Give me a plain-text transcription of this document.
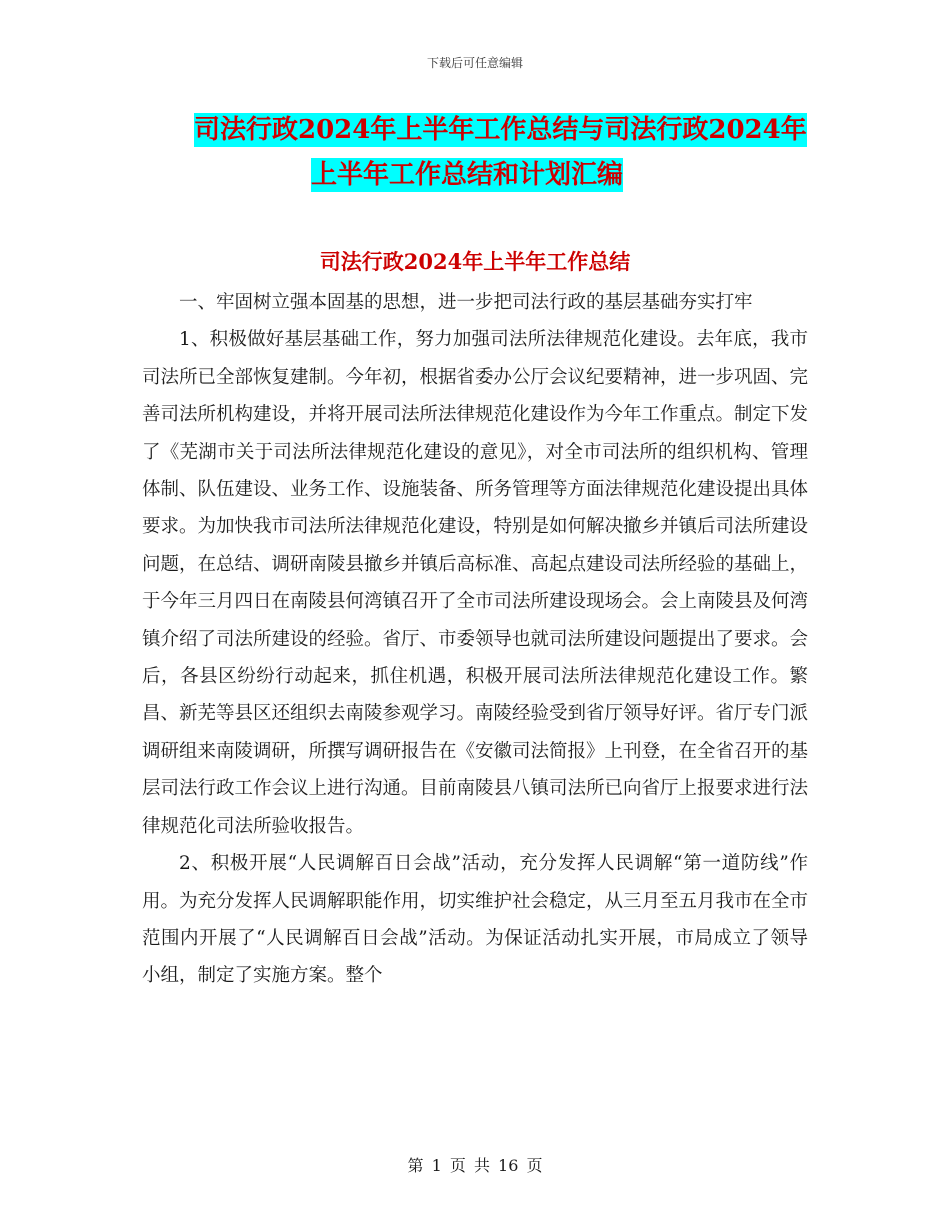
下载后可任意编辑
司法行政2024年上半年工作总结与司法行政2024年
上半年工作总结和计划汇编
司法行政2024年上半年工作总结

一、牢固树立强本固基的思想，进一步把司法行政的基层基础夯实打牢

1、积极做好基层基础工作，努力加强司法所法律规范化建设。去年底，我市司法所已全部恢复建制。今年初，根据省委办公厅会议纪要精神，进一步巩固、完善司法所机构建设，并将开展司法所法律规范化建设作为今年工作重点。制定下发了《芜湖市关于司法所法律规范化建设的意见》，对全市司法所的组织机构、管理体制、队伍建设、业务工作、设施装备、所务管理等方面法律规范化建设提出具体要求。为加快我市司法所法律规范化建设，特别是如何解决撤乡并镇后司法所建设问题，在总结、调研南陵县撤乡并镇后高标准、高起点建设司法所经验的基础上，于今年三月四日在南陵县何湾镇召开了全市司法所建设现场会。会上南陵县及何湾镇介绍了司法所建设的经验。省厅、市委领导也就司法所建设问题提出了要求。会后，各县区纷纷行动起来，抓住机遇，积极开展司法所法律规范化建设工作。繁昌、新芜等县区还组织去南陵参观学习。南陵经验受到省厅领导好评。省厅专门派调研组来南陵调研，所撰写调研报告在《安徽司法简报》上刊登，在全省召开的基层司法行政工作会议上进行沟通。目前南陵县八镇司法所已向省厅上报要求进行法律规范化司法所验收报告。

2、积极开展“人民调解百日会战”活动，充分发挥人民调解“第一道防线”作用。为充分发挥人民调解职能作用，切实维护社会稳定，从三月至五月我市在全市范围内开展了“人民调解百日会战”活动。为保证活动扎实开展，市局成立了领导小组，制定了实施方案。整个

第 1 页 共 16 页
